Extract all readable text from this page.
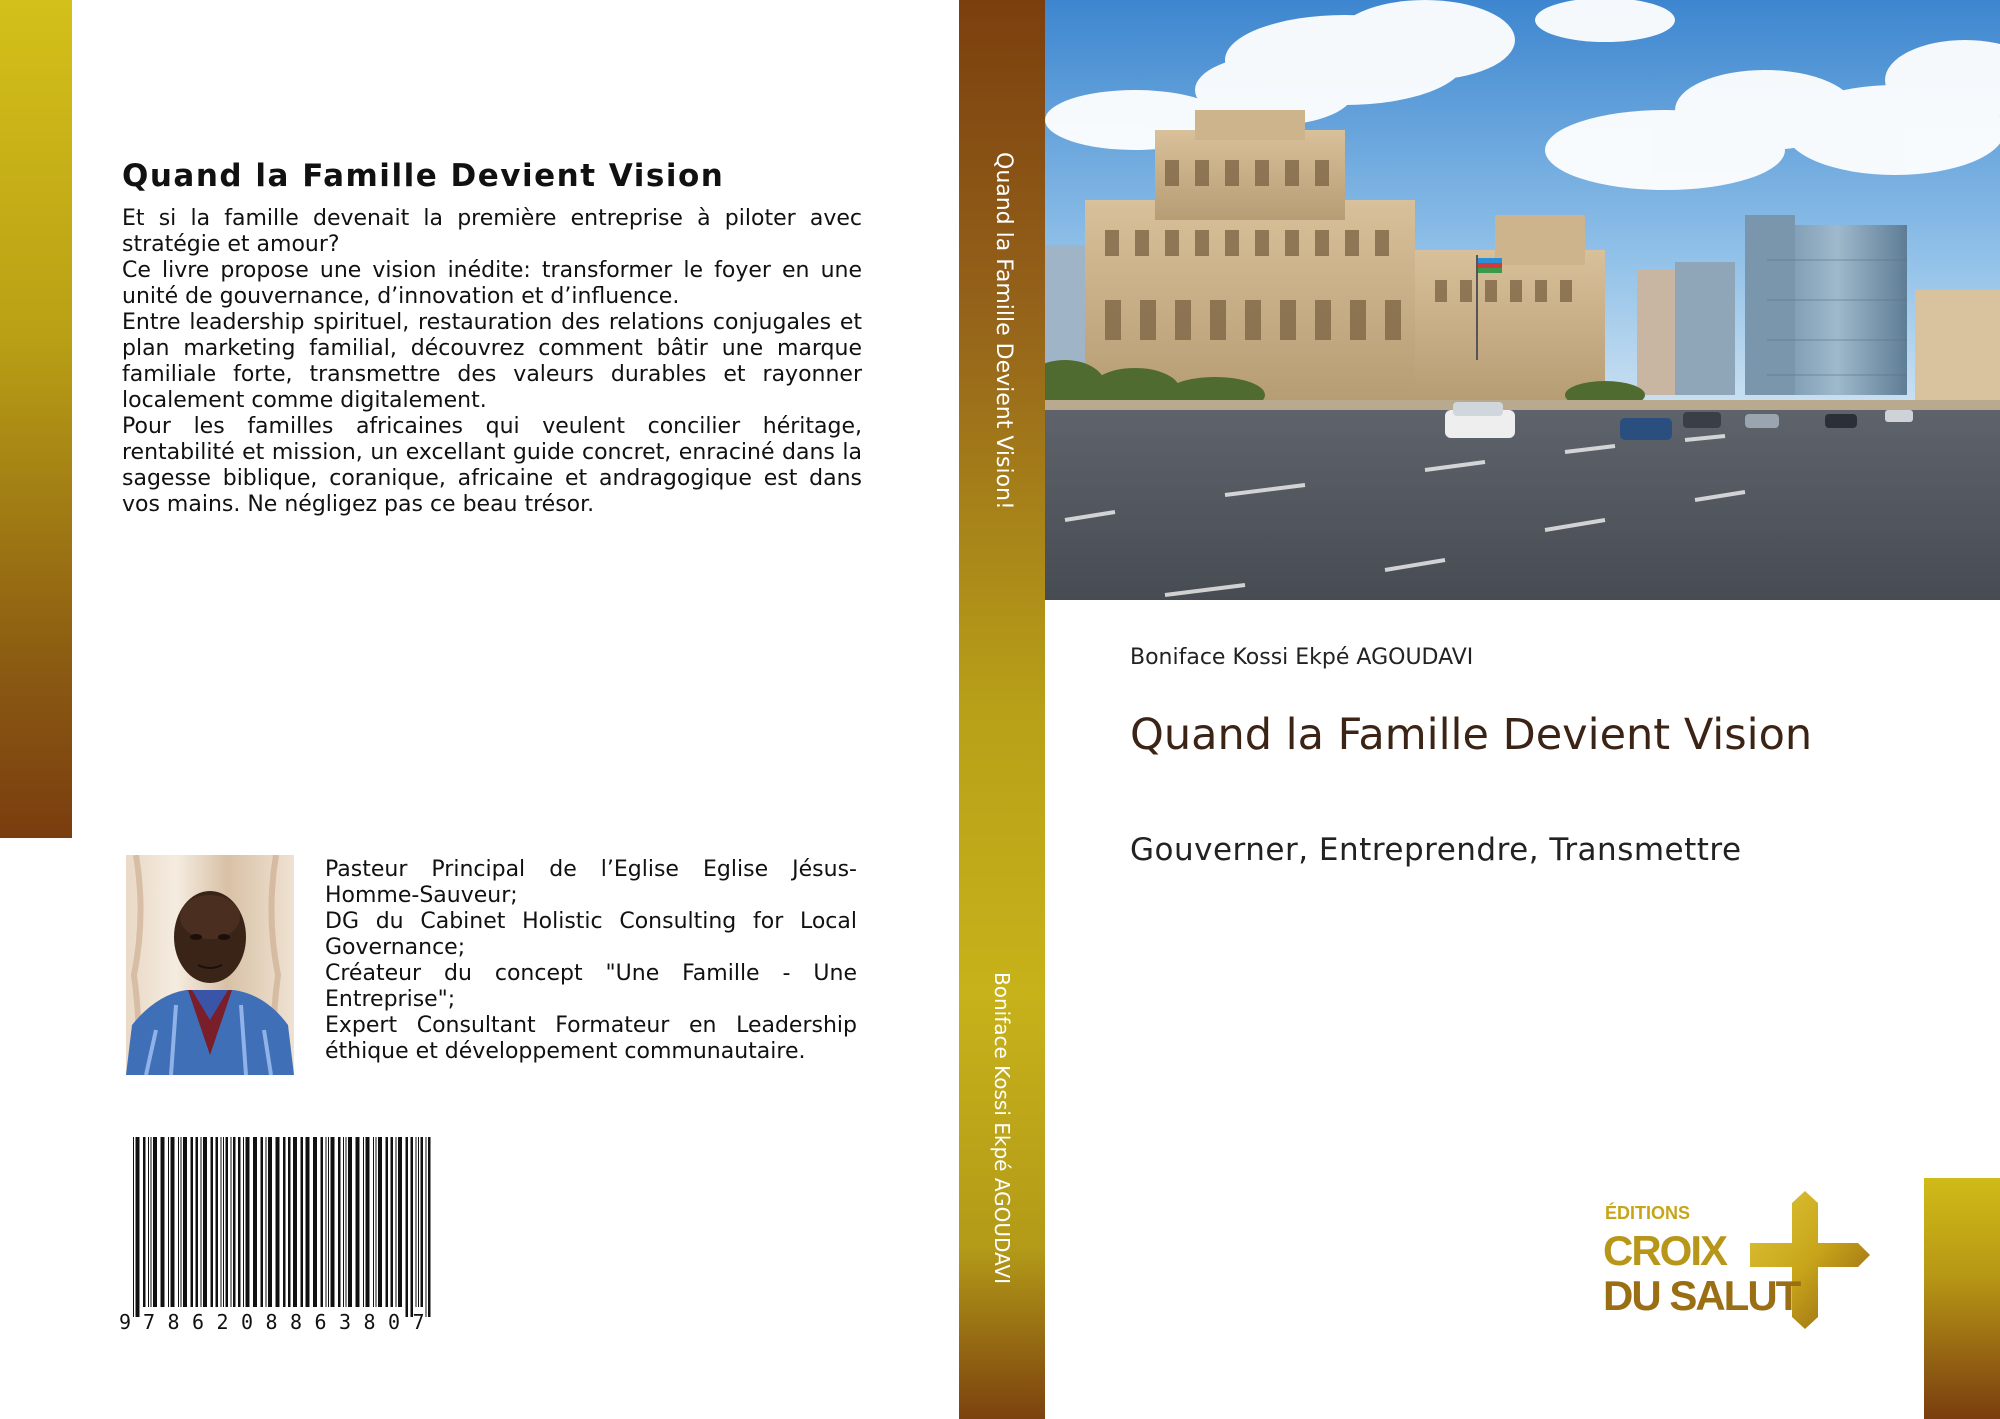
Quand la Famille Devient Vision

Et si la famille devenait la première entreprise à piloter avec stratégie et amour?

Ce livre propose une vision inédite: transformer le foyer en une unité de gouvernance, d’innovation et d’influence.

Entre leadership spirituel, restauration des relations conjugales et plan marketing familial, découvrez comment bâtir une marque familiale forte, transmettre des valeurs durables et rayonner localement comme digitalement.

Pour les familles africaines qui veulent concilier héritage, rentabilité et mission, un excellant guide concret, enraciné dans la sagesse biblique, coranique, africaine et andragogique est dans vos mains. Ne négligez pas ce beau trésor.

Pasteur Principal de l’Eglise Eglise Jésus-Homme-Sauveur;

DG du Cabinet Holistic Consulting for Local Governance;

Créateur du concept "Une Famille - Une Entreprise";

Expert Consultant Formateur en Leadership éthique et développement communautaire.

9 7 8 6 2 0 8 8 6 3 8 0 7
Quand la Famille Devient Vision!
Boniface Kossi Ekpé AGOUDAVI
Boniface Kossi Ekpé AGOUDAVI
Quand la Famille Devient Vision
Gouverner, Entreprendre, Transmettre
ÉDITIONS
CROIX
DU SALUT
